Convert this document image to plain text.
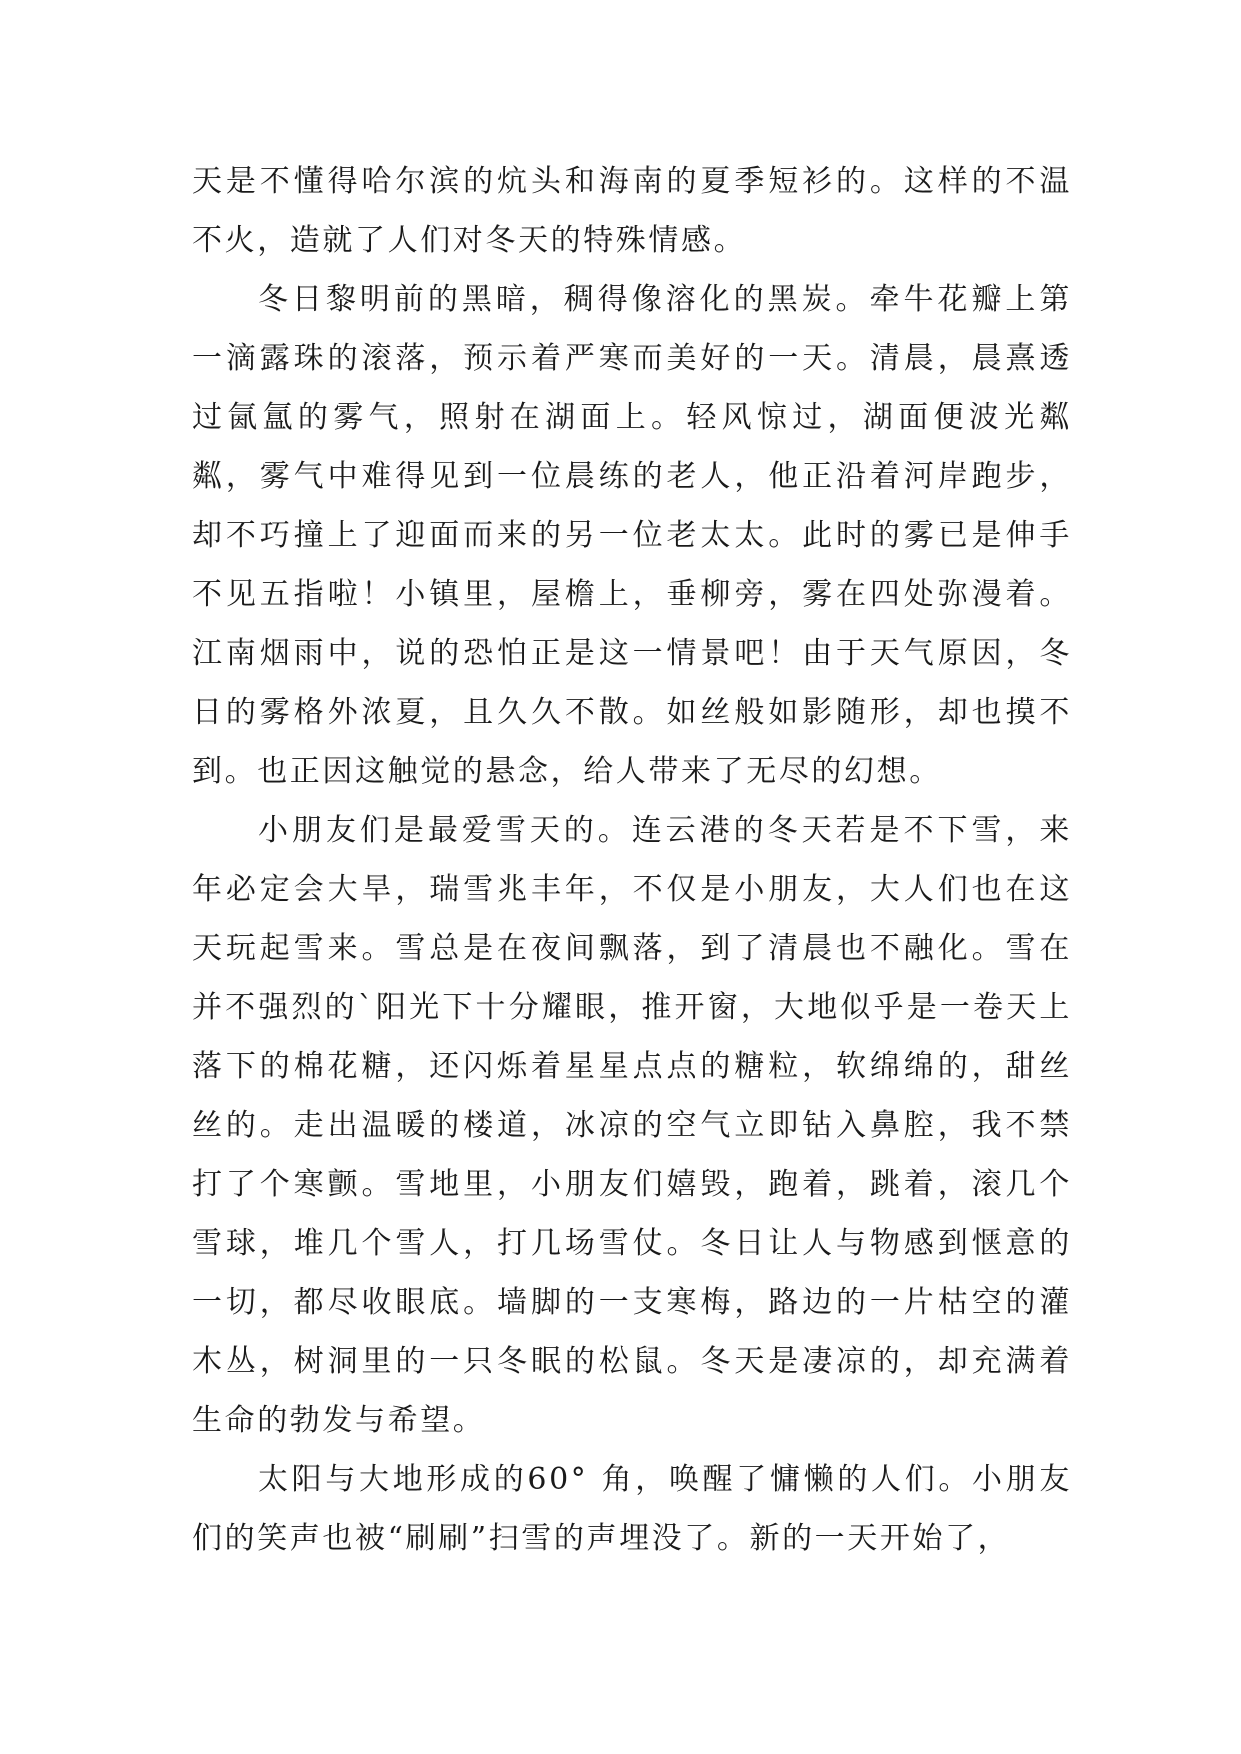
天是不懂得哈尔滨的炕头和海南的夏季短衫的。这样的不温不火，造就了人们对冬天的特殊情感。

冬日黎明前的黑暗，稠得像溶化的黑炭。牵牛花瓣上第一滴露珠的滚落，预示着严寒而美好的一天。清晨，晨熹透过氤氲的雾气，照射在湖面上。轻风惊过，湖面便波光粼粼，雾气中难得见到一位晨练的老人，他正沿着河岸跑步，却不巧撞上了迎面而来的另一位老太太。此时的雾已是伸手不见五指啦！小镇里，屋檐上，垂柳旁，雾在四处弥漫着。江南烟雨中，说的恐怕正是这一情景吧！由于天气原因，冬日的雾格外浓夏，且久久不散。如丝般如影随形，却也摸不到。也正因这触觉的悬念，给人带来了无尽的幻想。

小朋友们是最爱雪天的。连云港的冬天若是不下雪，来年必定会大旱，瑞雪兆丰年，不仅是小朋友，大人们也在这天玩起雪来。雪总是在夜间飘落，到了清晨也不融化。雪在并不强烈的`阳光下十分耀眼，推开窗，大地似乎是一卷天上落下的棉花糖，还闪烁着星星点点的糖粒，软绵绵的，甜丝丝的。走出温暖的楼道，冰凉的空气立即钻入鼻腔，我不禁打了个寒颤。雪地里，小朋友们嬉毁，跑着，跳着，滚几个雪球，堆几个雪人，打几场雪仗。冬日让人与物感到惬意的一切，都尽收眼底。墙脚的一支寒梅，路边的一片枯空的灌木丛，树洞里的一只冬眠的松鼠。冬天是凄凉的，却充满着生命的勃发与希望。

太阳与大地形成的60° 角，唤醒了慵懒的人们。小朋友们的笑声也被“刷刷”扫雪的声埋没了。新的一天开始了，
